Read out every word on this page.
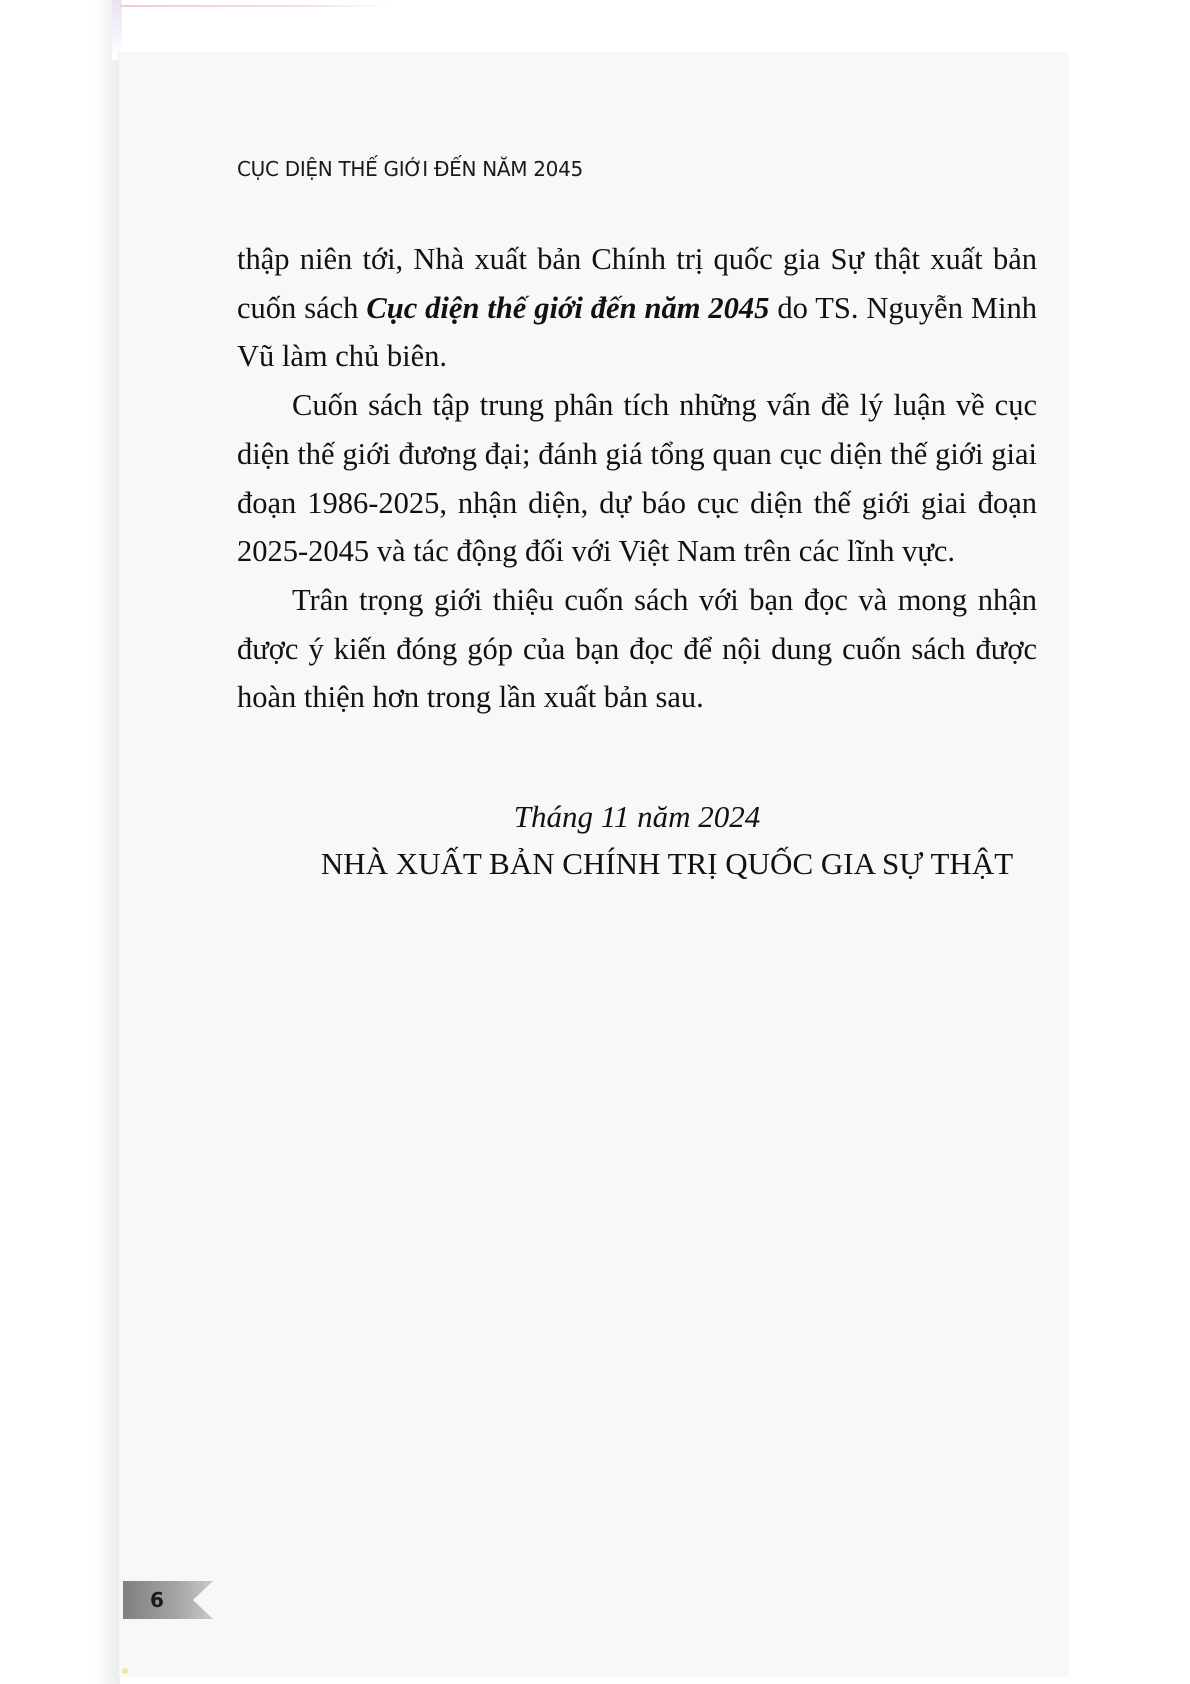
CỤC DIỆN THẾ GIỚI ĐẾN NĂM 2045

thập niên tới, Nhà xuất bản Chính trị quốc gia Sự thật xuất bản cuốn sách Cục diện thế giới đến năm 2045 do TS. Nguyễn Minh Vũ làm chủ biên.

Cuốn sách tập trung phân tích những vấn đề lý luận về cục diện thế giới đương đại; đánh giá tổng quan cục diện thế giới giai đoạn 1986-2025, nhận diện, dự báo cục diện thế giới giai đoạn 2025-2045 và tác động đối với Việt Nam trên các lĩnh vực.

Trân trọng giới thiệu cuốn sách với bạn đọc và mong nhận được ý kiến đóng góp của bạn đọc để nội dung cuốn sách được hoàn thiện hơn trong lần xuất bản sau.

Tháng 11 năm 2024

NHÀ XUẤT BẢN CHÍNH TRỊ QUỐC GIA SỰ THẬT

6
